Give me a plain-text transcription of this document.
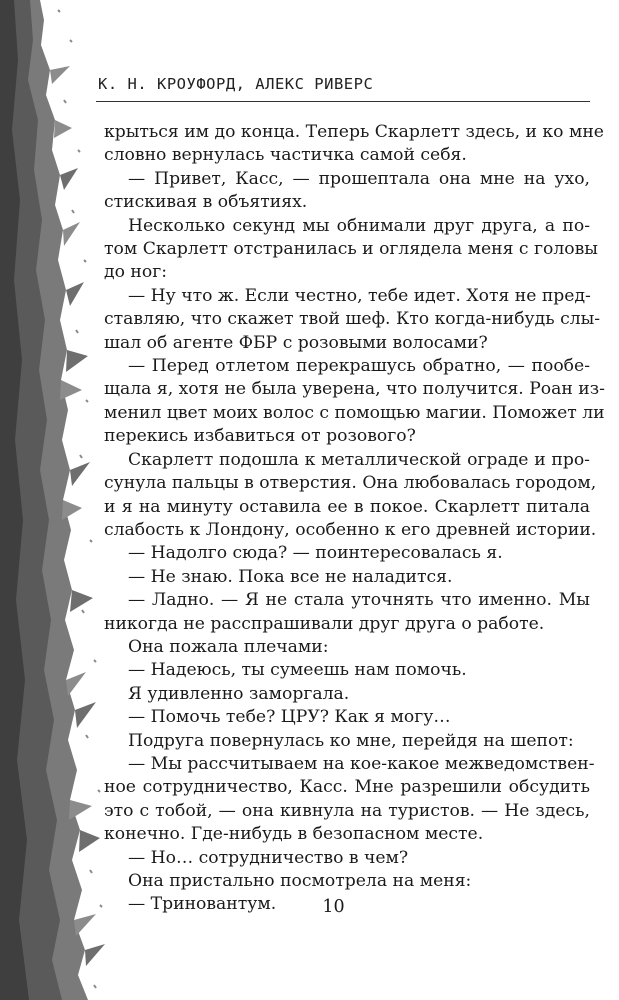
К. Н. КРОУФОРД, АЛЕКС РИВЕРС
крыться им до конца. Теперь Скарлетт здесь, и ко мне
словно вернулась частичка самой себя.
— Привет, Касс, — прошептала она мне на ухо,
стискивая в объятиях.
Несколько секунд мы обнимали друг друга, а по-
том Скарлетт отстранилась и оглядела меня с головы
до ног:
— Ну что ж. Если честно, тебе идет. Хотя не пред-
ставляю, что скажет твой шеф. Кто когда-нибудь слы-
шал об агенте ФБР с розовыми волосами?
— Перед отлетом перекрашусь обратно, — пообе-
щала я, хотя не была уверена, что получится. Роан из-
менил цвет моих волос с помощью магии. Поможет ли
перекись избавиться от розового?
Скарлетт подошла к металлической ограде и про-
сунула пальцы в отверстия. Она любовалась городом,
и я на минуту оставила ее в покое. Скарлетт питала
слабость к Лондону, особенно к его древней истории.
— Надолго сюда? — поинтересовалась я.
— Не знаю. Пока все не наладится.
— Ладно. — Я не стала уточнять что именно. Мы
никогда не расспрашивали друг друга о работе.
Она пожала плечами:
— Надеюсь, ты сумеешь нам помочь.
Я удивленно заморгала.
— Помочь тебе? ЦРУ? Как я могу…
Подруга повернулась ко мне, перейдя на шепот:
— Мы рассчитываем на кое-какое межведомствен-
ное сотрудничество, Касс. Мне разрешили обсудить
это с тобой, — она кивнула на туристов. — Не здесь,
конечно. Где-нибудь в безопасном месте.
— Но… сотрудничество в чем?
Она пристально посмотрела на меня:
— Триновантум.	10
